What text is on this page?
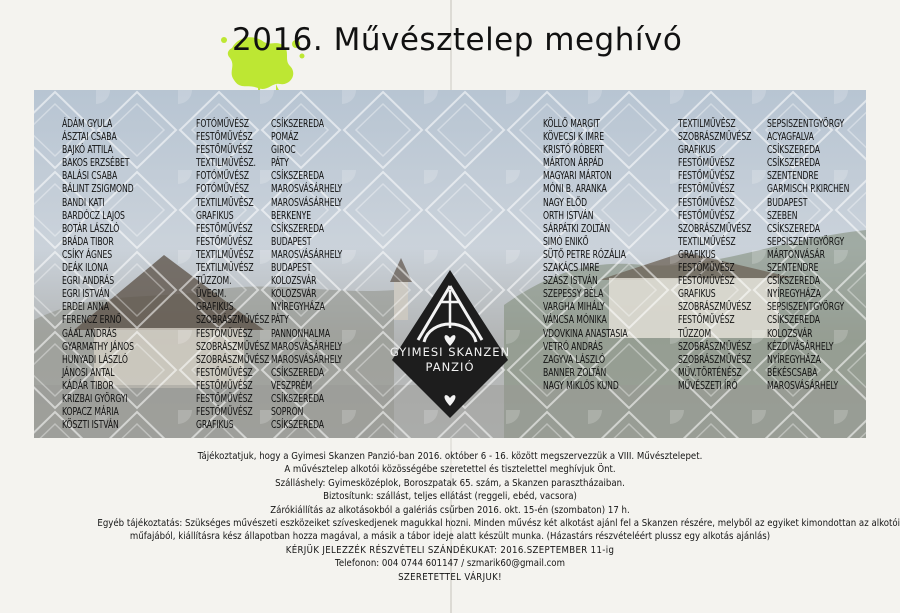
2016. Művésztelep meghívó
ÁDÁM GYULA
ÁSZTAI CSABA
BAJKÓ ATTILA
BAKOS ERZSÉBET
BALÁSI CSABA
BÁLINT ZSIGMOND
BANDI KATI
BARDÓCZ LAJOS
BOTÁR LÁSZLÓ
BRÁDA TIBOR
CSÍKY ÁGNES
DEÁK ILONA
EGRI ANDRÁS
EGRI ISTVÁN
ERDEI ANNA
FERENCZ ERNŐ
GÁAL ANDRÁS
GYARMATHY JÁNOS
HUNYADI LÁSZLÓ
JÁNOSI ANTAL
KÁDÁR TIBOR
KRIZBAI GYÖRGYI
KOPACZ MÁRIA
KÖSZTI ISTVÁN
FOTÓMŰVÉSZ
FESTŐMŰVÉSZ
FESTŐMŰVÉSZ
TEXTILMŰVÉSZ.
FOTÓMŰVÉSZ
FOTÓMŰVÉSZ
TEXTILMŰVÉSZ
GRAFIKUS
FESTŐMŰVÉSZ
FESTŐMŰVÉSZ
TEXTILMŰVÉSZ
TEXTILMŰVÉSZ
TŰZZOM.
ÜVEGM.
GRAFIKUS
SZOBRÁSZMŰVÉSZ
FESTŐMŰVÉSZ
SZOBRÁSZMŰVÉSZ
SZOBRÁSZMŰVÉSZ
FESTŐMŰVÉSZ
FESTŐMŰVÉSZ
FESTŐMŰVÉSZ
FESTŐMŰVÉSZ
GRAFIKUS
CSÍKSZEREDA
POMÁZ
GIROC
PÁTY
CSÍKSZEREDA
MAROSVÁSÁRHELY
MAROSVÁSÁRHELY
BERKENYE
CSÍKSZEREDA
BUDAPEST
MAROSVÁSÁRHELY
BUDAPEST
KOLOZSVÁR
KOLOZSVÁR
NYÍREGYHÁZA
PÁTY
PANNONHALMA
MAROSVÁSÁRHELY
MAROSVÁSÁRHELY
CSÍKSZEREDA
VESZPRÉM
CSÍKSZEREDA
SOPRON
CSÍKSZEREDA
KÖLLŐ MARGIT
KÖVECSI K IMRE
KRISTÓ RÓBERT
MÁRTON ÁRPÁD
MAGYARI MÁRTON
MÓNI B. ARANKA
NAGY ELŐD
ORTH ISTVÁN
SÁRPÁTKI ZOLTÁN
SIMÓ ENIKŐ
SÜTŐ PETRE RÓZÁLIA
SZAKÁCS IMRE
SZÁSZ ISTVÁN
SZEPESSY BÉLA
VARGHA MIHÁLY
VÁNCSA MÓNIKA
VDOVKINA ANASTASIA
VETRÓ ANDRÁS
ZAGYVA LÁSZLÓ
BANNER ZOLTÁN
NAGY MIKLÓS KUND
TEXTILMŰVÉSZ
SZOBRÁSZMŰVÉSZ
GRAFIKUS
FESTŐMŰVÉSZ
FESTŐMŰVÉSZ
FESTŐMŰVÉSZ
FESTŐMŰVÉSZ
FESTŐMŰVÉSZ
SZOBRÁSZMŰVÉSZ
TEXTILMŰVÉSZ
GRAFIKUS
FESTŐMŰVÉSZ
FESTŐMŰVÉSZ
GRAFIKUS
SZOBRÁSZMŰVÉSZ
FESTŐMŰVÉSZ
TŰZZOM
SZOBRÁSZMŰVÉSZ
SZOBRÁSZMŰVÉSZ
MŰV.TÖRTÉNÉSZ
MŰVÉSZETI ÍRÓ
SEPSISZENTGYÖRGY
ACYAGFALVA
CSÍKSZEREDA
CSÍKSZEREDA
SZENTENDRE
GARMISCH P.KIRCHEN
BUDAPEST
SZEBEN
CSÍKSZEREDA
SEPSISZENTGYÖRGY
MÁRTONVÁSÁR
SZENTENDRE
CSÍKSZEREDA
NYÍREGYHÁZA
SEPSISZENTGYÖRGY
CSÍKSZEREDA
KOLOZSVÁR
KÉZDIVÁSÁRHELY
NYÍREGYHÁZA
BÉKÉSCSABA
MAROSVÁSÁRHELY
GYIMESI SKANZEN
PANZIÓ
Tájékoztatjuk, hogy a Gyimesi Skanzen Panzió-ban 2016. október 6 - 16. között megszervezzük a VIII. Művésztelepet.
A művésztelep alkotói közösségébe szeretettel és tisztelettel meghívjuk Önt.
Szálláshely: Gyimesközéplok, Boroszpatak 65. szám, a Skanzen parasztházaiban.
Biztosítunk: szállást, teljes ellátást (reggeli, ebéd, vacsora)
Zárókiállítás az alkotásokból a galériás csűrben 2016. okt. 15-én (szombaton) 17 h.
Egyéb tájékoztatás: Szükséges művészeti eszközeiket szíveskedjenek magukkal hozni. Minden művész két alkotást ajánl fel a Skanzen részére, melyből az egyiket kimondottan az alkotói
műfajából, kiállításra kész állapotban hozza magával, a másik a tábor ideje alatt készült munka. (Házastárs részvételéért plussz egy alkotás ajánlás)
KÉRJÜK JELEZZÉK RÉSZVÉTELI SZÁNDÉKUKAT: 2016.SZEPTEMBER 11-ig
Telefonon: 004 0744 601147 / szmarik60@gmail.com
SZERETETTEL VÁRJUK!
